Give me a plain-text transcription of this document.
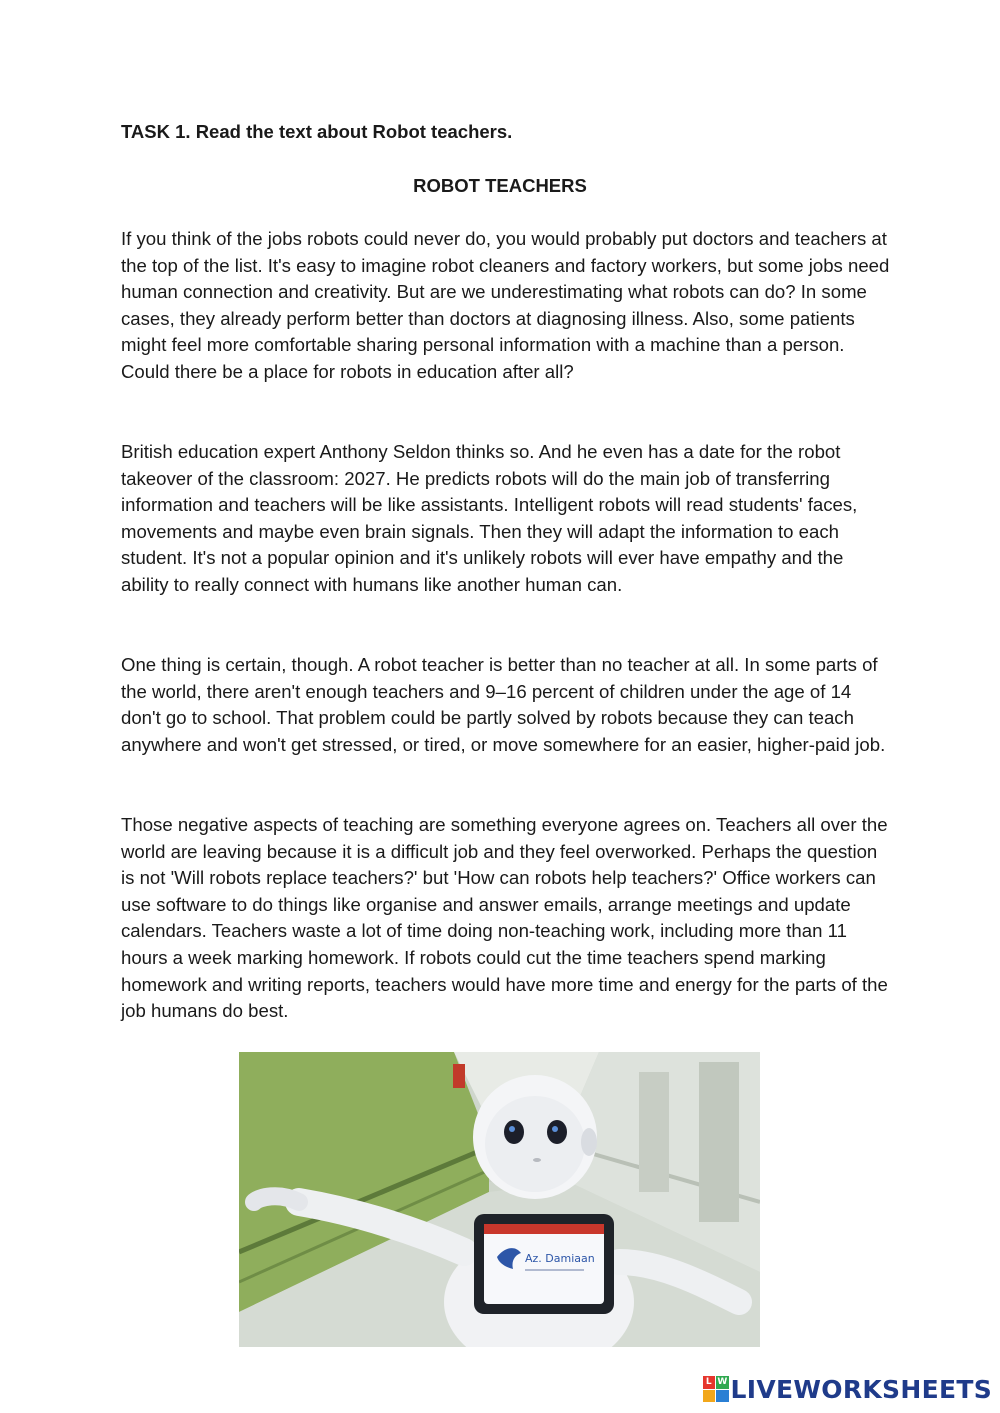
TASK 1. Read the text about Robot teachers.

ROBOT TEACHERS

If you think of the jobs robots could never do, you would probably put doctors and teachers at the top of the list. It's easy to imagine robot cleaners and factory workers, but some jobs need human connection and creativity. But are we underestimating what robots can do? In some cases, they already perform better than doctors at diagnosing illness. Also, some patients might feel more comfortable sharing personal information with a machine than a person. Could there be a place for robots in education after all?

British education expert Anthony Seldon thinks so. And he even has a date for the robot takeover of the classroom: 2027. He predicts robots will do the main job of transferring information and teachers will be like assistants. Intelligent robots will read students' faces, movements and maybe even brain signals. Then they will adapt the information to each student. It's not a popular opinion and it's unlikely robots will ever have empathy and the ability to really connect with humans like another human can.

One thing is certain, though. A robot teacher is better than no teacher at all. In some parts of the world, there aren't enough teachers and 9–16 percent of children under the age of 14 don't go to school. That problem could be partly solved by robots because they can teach anywhere and won't get stressed, or tired, or move somewhere for an easier, higher-paid job.

Those negative aspects of teaching are something everyone agrees on. Teachers all over the world are leaving because it is a difficult job and they feel overworked. Perhaps the question is not 'Will robots replace teachers?' but 'How can robots help teachers?' Office workers can use software to do things like organise and answer emails, arrange meetings and update calendars. Teachers waste a lot of time doing non-teaching work, including more than 11 hours a week marking homework. If robots could cut the time teachers spend marking homework and writing reports, teachers would have more time and energy for the parts of the job humans do best.

Az. Damiaan
L W LIVEWORKSHEETS
